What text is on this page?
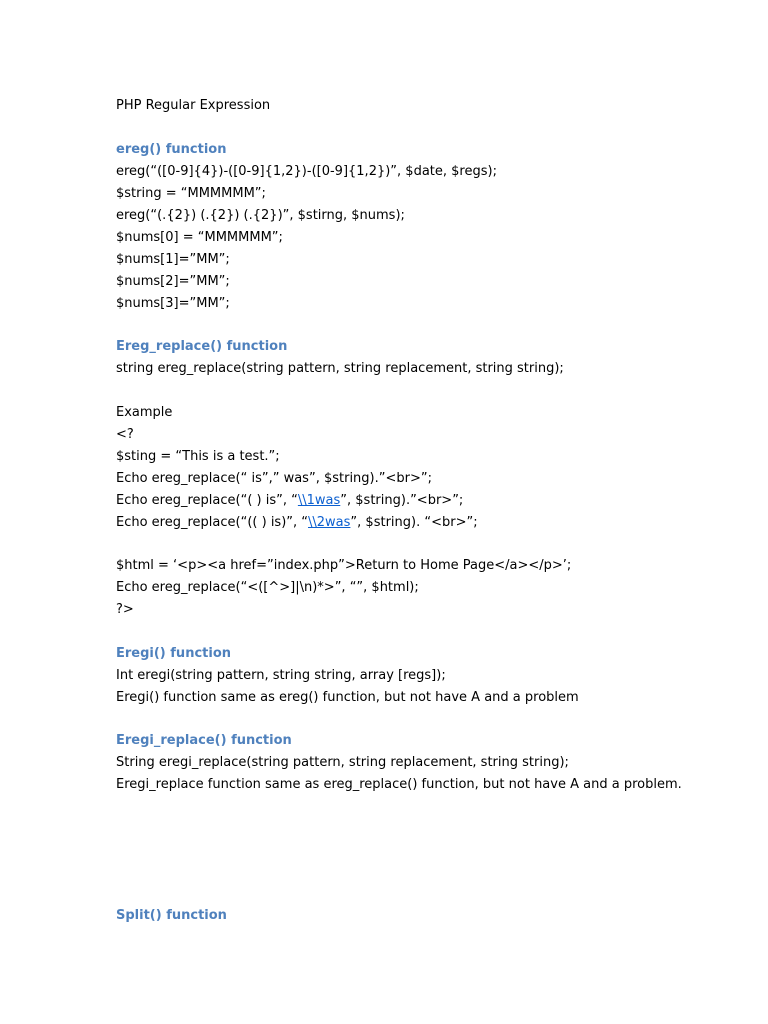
PHP Regular Expression

ereg() function

ereg(“([0-9]{4})-([0-9]{1,2})-([0-9]{1,2})”, $date, $regs);

$string = “MMMMMM”;

ereg(“(.{2}) (.{2}) (.{2})”, $stirng, $nums);

$nums[0] = “MMMMMM”;

$nums[1]=”MM”;

$nums[2]=”MM”;

$nums[3]=”MM”;

Ereg_replace() function

string ereg_replace(string pattern, string replacement, string string);

Example

<?

$sting = “This is a test.”;

Echo ereg_replace(“ is”,” was”, $string).”<br>”;

Echo ereg_replace(“( ) is”, “\\1was”, $string).”<br>”;

Echo ereg_replace(“(( ) is)”, “\\2was”, $string). “<br>”;

$html = ‘<p><a href=”index.php”>Return to Home Page</a></p>’;

Echo ereg_replace(“<([^>]|\n)*>”, “”, $html);

?>

Eregi() function

Int eregi(string pattern, string string, array [regs]);

Eregi() function same as ereg() function, but not have A and a problem

Eregi_replace() function

String eregi_replace(string pattern, string replacement, string string);

Eregi_replace function same as ereg_replace() function, but not have A and a problem.

Split() function
